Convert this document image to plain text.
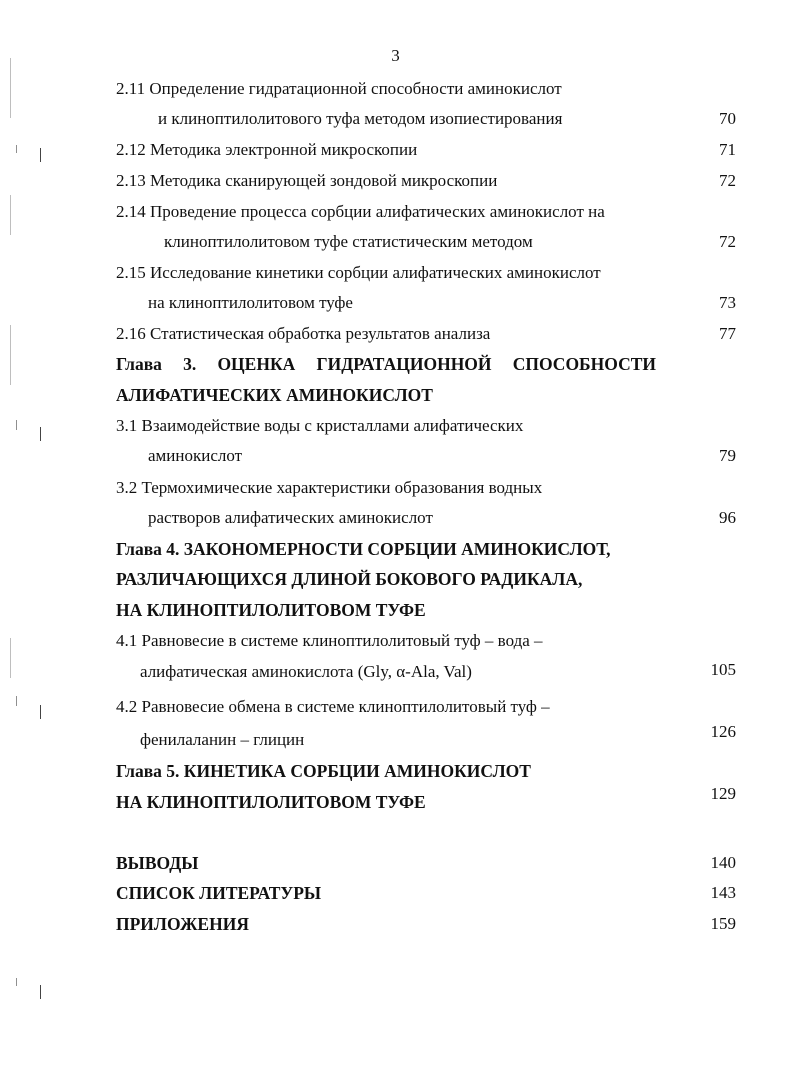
3
2.11 Определение гидратационной способности аминокислот
и клиноптилолитового туфа методом изопиестирования	70
2.12 Методика электронной микроскопии	71
2.13 Методика сканирующей зондовой микроскопии	72
2.14 Проведение процесса сорбции алифатических аминокислот на
клиноптилолитовом туфе статистическим методом	72
2.15 Исследование кинетики сорбции алифатических аминокислот
на клиноптилолитовом туфе	73
2.16 Статистическая обработка результатов анализа	77
Глава 3. ОЦЕНКА ГИДРАТАЦИОННОЙ СПОСОБНОСТИ
АЛИФАТИЧЕСКИХ АМИНОКИСЛОТ
3.1 Взаимодействие воды с кристаллами алифатических
аминокислот	79
3.2 Термохимические характеристики образования водных
растворов алифатических аминокислот	96
Глава 4. ЗАКОНОМЕРНОСТИ СОРБЦИИ АМИНОКИСЛОТ,
РАЗЛИЧАЮЩИХСЯ ДЛИНОЙ БОКОВОГО РАДИКАЛА,
НА КЛИНОПТИЛОЛИТОВОМ ТУФЕ
4.1 Равновесие в системе клиноптилолитовый туф – вода –
алифатическая аминокислота (Gly, α-Ala, Val)	105
4.2 Равновесие обмена в системе клиноптилолитовый туф –
фенилаланин – глицин	126
Глава 5. КИНЕТИКА СОРБЦИИ АМИНОКИСЛОТ
НА КЛИНОПТИЛОЛИТОВОМ ТУФЕ	129
ВЫВОДЫ	140
СПИСОК ЛИТЕРАТУРЫ	143
ПРИЛОЖЕНИЯ	159
